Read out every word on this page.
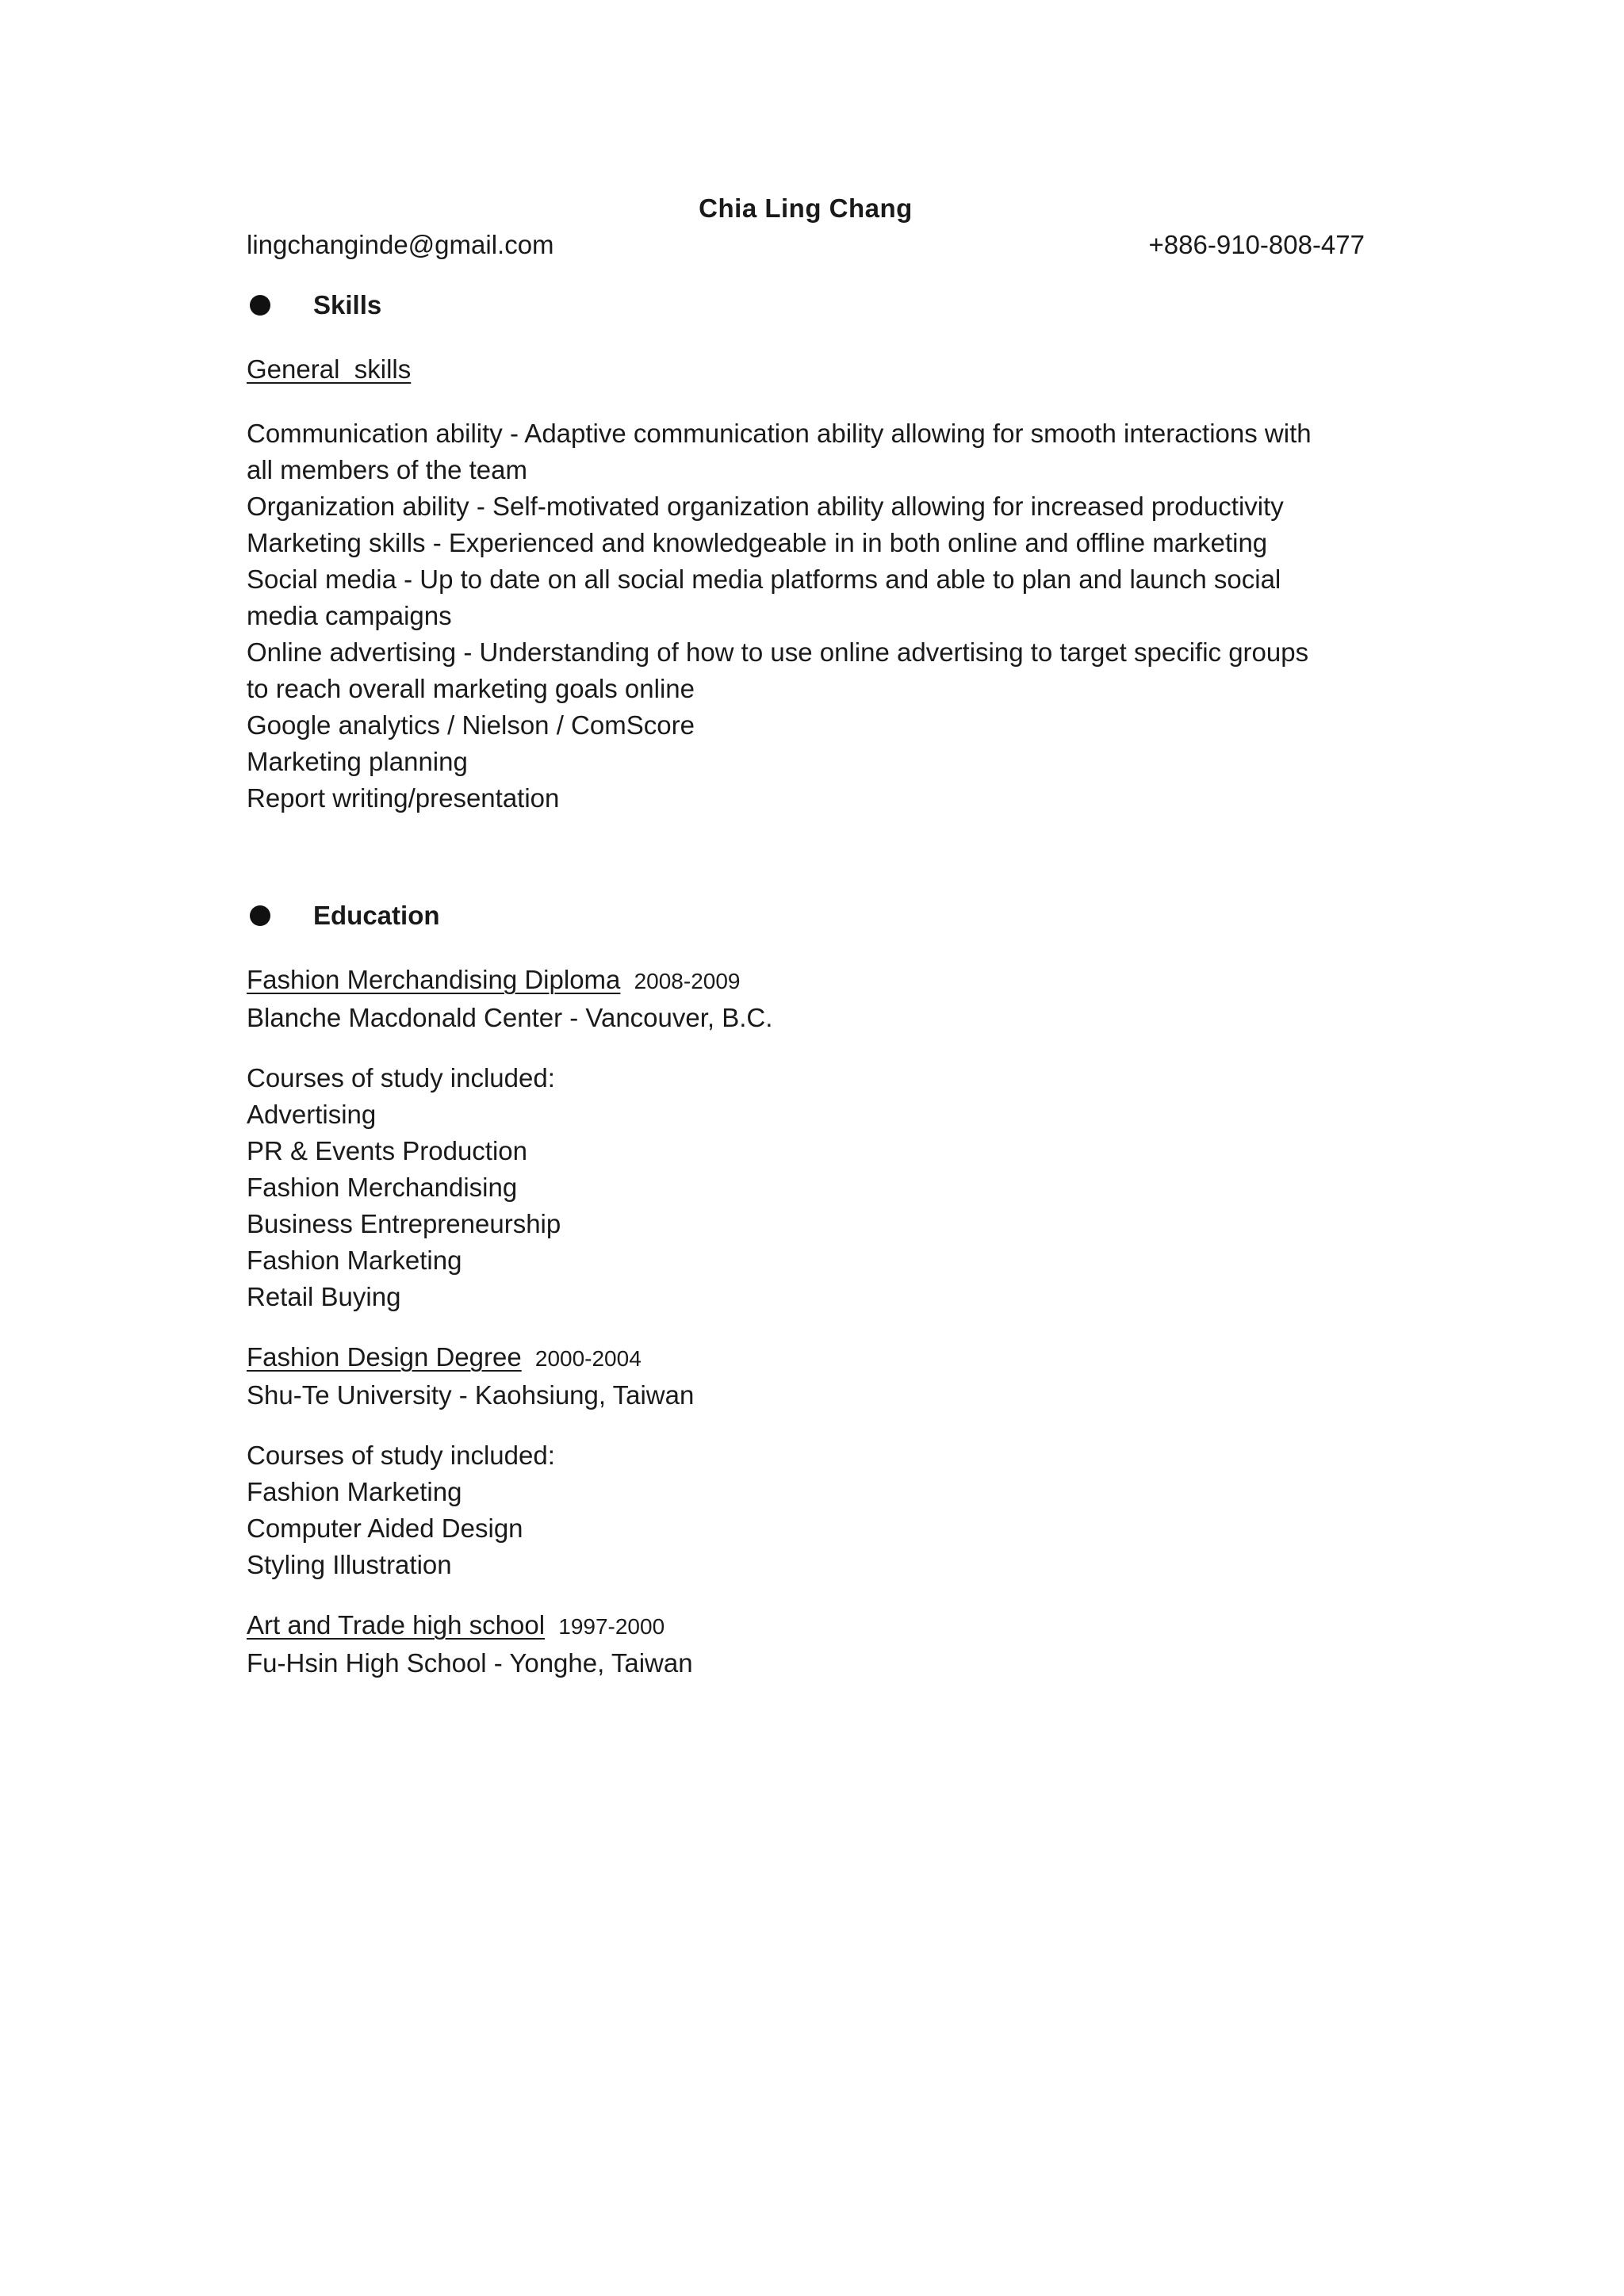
Chia Ling Chang

lingchanginde@gmail.com	+886-910-808-477
Skills

General  skills

Communication ability - Adaptive communication ability allowing for smooth interactions with

all members of the team

Organization ability - Self-motivated organization ability allowing for increased productivity

Marketing skills - Experienced and knowledgeable in in both online and offline marketing

Social media - Up to date on all social media platforms and able to plan and launch social

media campaigns

Online advertising - Understanding of how to use online advertising to target specific groups

to reach overall marketing goals online

Google analytics / Nielson / ComScore

Marketing planning

Report writing/presentation

Education

Fashion Merchandising Diploma 2008-2009

Blanche Macdonald Center - Vancouver, B.C.

Courses of study included:

Advertising

PR & Events Production

Fashion Merchandising

Business Entrepreneurship

Fashion Marketing

Retail Buying

Fashion Design Degree 2000-2004

Shu-Te University - Kaohsiung, Taiwan

Courses of study included:

Fashion Marketing

Computer Aided Design

Styling Illustration

Art and Trade high school 1997-2000

Fu-Hsin High School - Yonghe, Taiwan
